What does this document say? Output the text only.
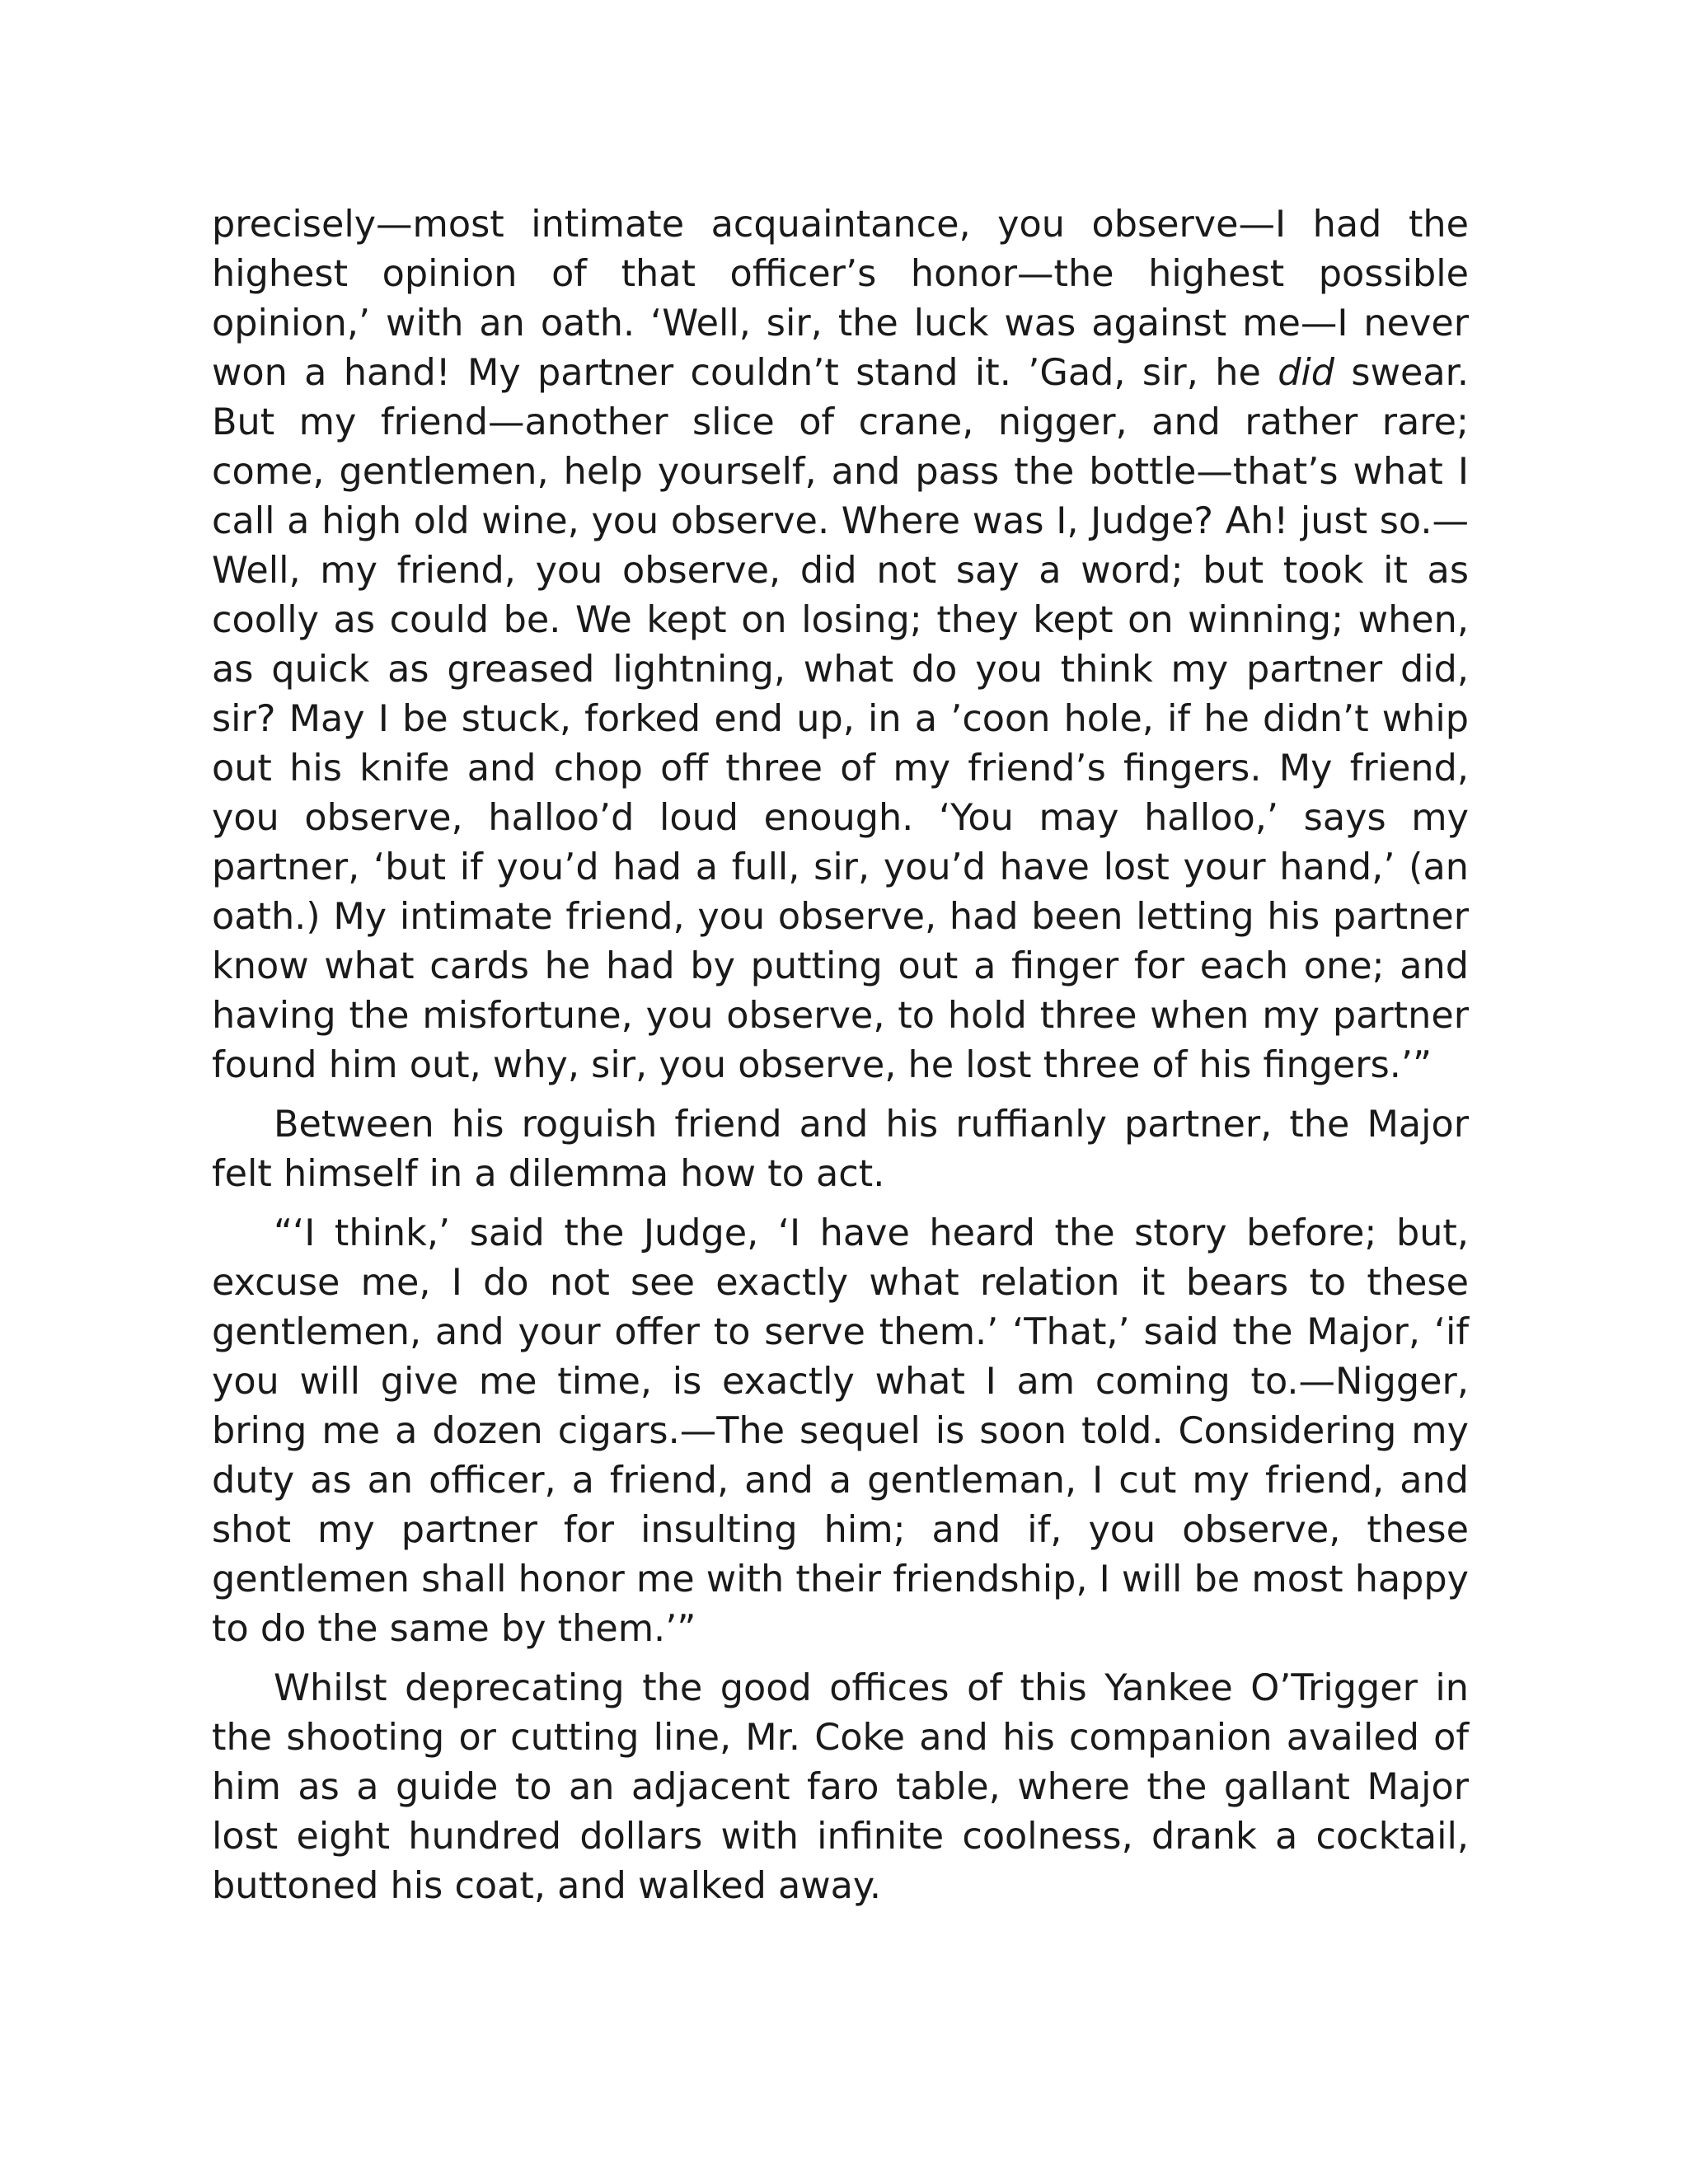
precisely—most intimate acquaintance, you observe—I had the highest opinion of that officer’s honor—the highest possible opinion,’ with an oath. ‘Well, sir, the luck was against me—I never won a hand! My partner couldn’t stand it. ’Gad, sir, he did swear. But my friend—another slice of crane, nigger, and rather rare; come, gentlemen, help yourself, and pass the bottle—that’s what I call a high old wine, you observe. Where was I, Judge? Ah! just so.—Well, my friend, you observe, did not say a word; but took it as coolly as could be. We kept on losing; they kept on winning; when, as quick as greased lightning, what do you think my partner did, sir? May I be stuck, forked end up, in a ’coon hole, if he didn’t whip out his knife and chop off three of my friend’s fingers. My friend, you observe, halloo’d loud enough. ‘You may halloo,’ says my partner, ‘but if you’d had a full, sir, you’d have lost your hand,’ (an oath.) My intimate friend, you observe, had been letting his partner know what cards he had by putting out a finger for each one; and having the misfortune, you observe, to hold three when my partner found him out, why, sir, you observe, he lost three of his fingers.’”

Between his roguish friend and his ruffianly partner, the Major felt himself in a dilemma how to act.

“‘I think,’ said the Judge, ‘I have heard the story before; but, excuse me, I do not see exactly what relation it bears to these gentlemen, and your offer to serve them.’ ‘That,’ said the Major, ‘if you will give me time, is exactly what I am coming to.—Nigger, bring me a dozen cigars.—The sequel is soon told. Considering my duty as an officer, a friend, and a gentleman, I cut my friend, and shot my partner for insulting him; and if, you observe, these gentlemen shall honor me with their friendship, I will be most happy to do the same by them.’”

Whilst deprecating the good offices of this Yankee O’Trigger in the shooting or cutting line, Mr. Coke and his companion availed of him as a guide to an adjacent faro table, where the gallant Major lost eight hundred dollars with infinite coolness, drank a cocktail, buttoned his coat, and walked away.
